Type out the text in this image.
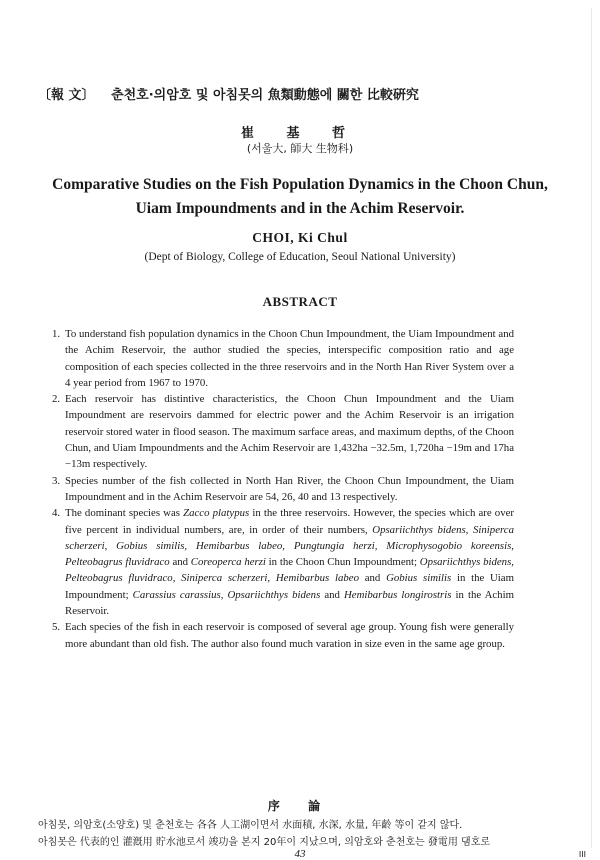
〔報 文〕 춘천호·의암호 및 아침못의 魚類動態에 關한 比較硏究
崔 基 哲
(서울大, 師大 生物科)
Comparative Studies on the Fish Population Dynamics in the Choon Chun, Uiam Impoundments and in the Achim Reservoir.
CHOI, Ki Chul
(Dept of Biology, College of Education, Seoul National University)
ABSTRACT
1. To understand fish population dynamics in the Choon Chun Impoundment, the Uiam Impoundment and the Achim Reservoir, the author studied the species, interspecific composition ratio and age composition of each species collected in the three reservoirs and in the North Han River System over a 4 year period from 1967 to 1970.
2. Each reservoir has distintive characteristics, the Choon Chun Impoundment and the Uiam Impoundment are reservoirs dammed for electric power and the Achim Reservoir is an irrigation reservoir stored water in flood season. The maximum sarface areas, and maximum depths, of the Choon Chun, and Uiam Impoundments and the Achim Reservoir are 1,432ha −32.5m, 1,720ha −19m and 17ha −13m respectively.
3. Species number of the fish collected in North Han River, the Choon Chun Impoundment, the Uiam Impoundment and in the Achim Reservoir are 54, 26, 40 and 13 respectively.
4. The dominant species was Zacco platypus in the three reservoirs. However, the species which are over five percent in individual numbers, are, in order of their numbers, Opsariichthys bidens, Siniperca scherzeri, Gobius similis, Hemibarbus labeo, Pungtungia herzi, Microphysogobio koreensis, Pelteobagrus fluvidraco and Coreoperca herzi in the Choon Chun Impoundment; Opsariichthys bidens, Pelteobagrus fluvidraco, Siniperca scherzeri, Hemibarbus labeo and Gobius similis in the Uiam Impoundment; Carassius carassius, Opsariichthys bidens and Hemibarbus longirostris in the Achim Reservoir.
5. Each species of the fish in each reservoir is composed of several age group. Young fish were generally more abundant than old fish. The author also found much varation in size even in the same age group.
序 論
아침못, 의암호(소양호) 및 춘천호는 各各 人工湖이면서 水面積, 水深, 水量, 年齡 等이 같지 않다.
아침못은 代表的인 灌漑用 貯水池로서 竣功을 본지 20年이 지났으며, 의암호와 춘천호는 發電用 댐호로
43	III
